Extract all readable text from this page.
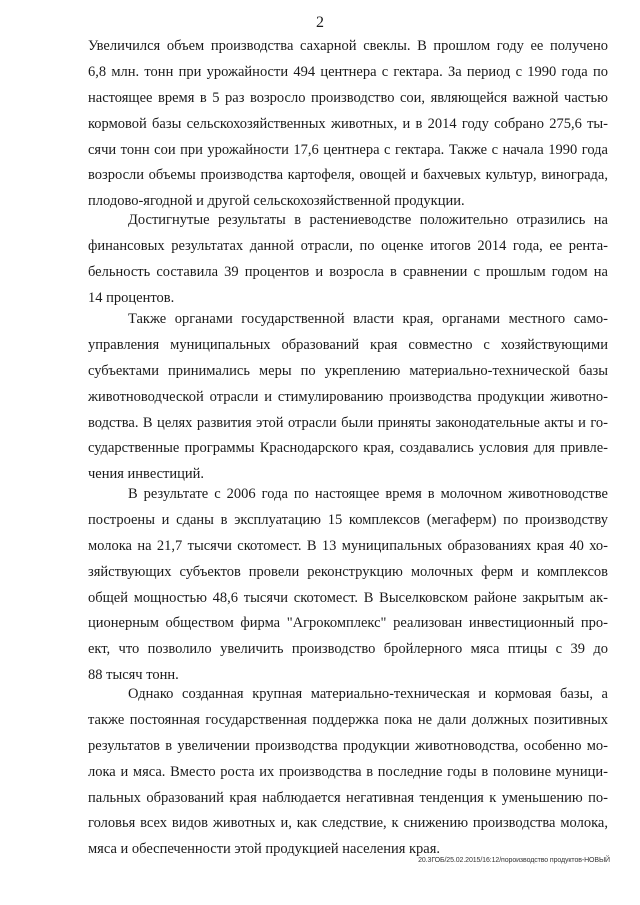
2
Увеличился объем производства сахарной свеклы. В прошлом году ее получено
6,8 млн. тонн при урожайности 494 центнера с гектара. За период с 1990 года по
настоящее время в 5 раз возросло производство сои, являющейся важной частью
кормовой базы сельскохозяйственных животных, и в 2014 году собрано 275,6 ты-
сячи тонн сои при урожайности 17,6 центнера с гектара. Также с начала 1990 года
возросли объемы производства картофеля, овощей и бахчевых культур, винограда,
плодово-ягодной и другой сельскохозяйственной продукции.
Достигнутые результаты в растениеводстве положительно отразились на
финансовых результатах данной отрасли, по оценке итогов 2014 года, ее рента-
бельность составила 39 процентов и возросла в сравнении с прошлым годом на
14 процентов.
Также органами государственной власти края, органами местного само-
управления муниципальных образований края совместно с хозяйствующими
субъектами принимались меры по укреплению материально-технической базы
животноводческой отрасли и стимулированию производства продукции животно-
водства. В целях развития этой отрасли были приняты законодательные акты и го-
сударственные программы Краснодарского края, создавались условия для привле-
чения инвестиций.
В результате с 2006 года по настоящее время в молочном животноводстве
построены и сданы в эксплуатацию 15 комплексов (мегаферм) по производству
молока на 21,7 тысячи скотомест. В 13 муниципальных образованиях края 40 хо-
зяйствующих субъектов провели реконструкцию молочных ферм и комплексов
общей мощностью 48,6 тысячи скотомест. В Выселковском районе закрытым ак-
ционерным обществом фирма "Агрокомплекс" реализован инвестиционный про-
ект, что позволило увеличить производство бройлерного мяса птицы с 39 до
88 тысяч тонн.
Однако созданная крупная материально-техническая и кормовая базы, а
также постоянная государственная поддержка пока не дали должных позитивных
результатов в увеличении производства продукции животноводства, особенно мо-
лока и мяса. Вместо роста их производства в последние годы в половине муници-
пальных образований края наблюдается негативная тенденция к уменьшению по-
головья всех видов животных и, как следствие, к снижению производства молока,
мяса и обеспеченности этой продукцией населения края.
20.3ГОБ/25.02.2015/16:12/пороизводство продуктов-НОВЫЙ
